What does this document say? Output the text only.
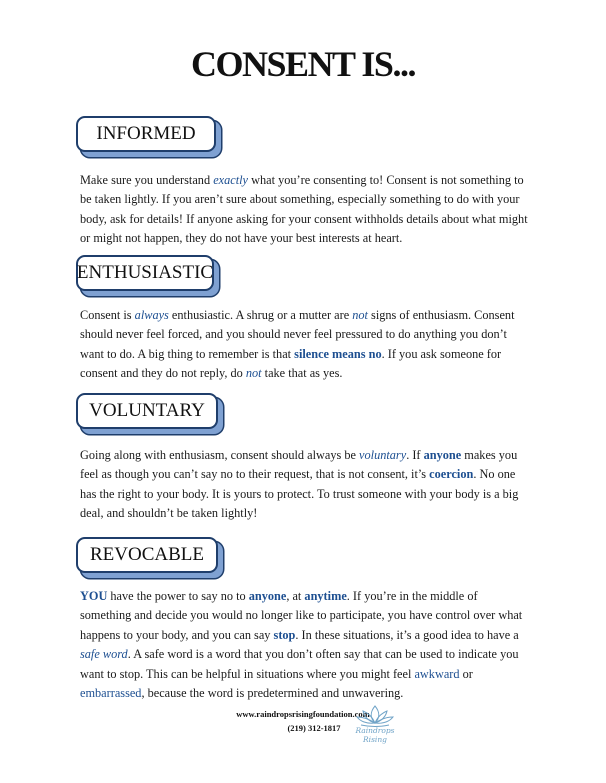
CONSENT IS...
INFORMED

Make sure you understand exactly what you’re consenting to! Consent is not something to be taken lightly. If you aren’t sure about something, especially something to do with your body, ask for details! If anyone asking for your consent withholds details about what might or might not happen, they do not have your best interests at heart.

ENTHUSIASTIC

Consent is always enthusiastic. A shrug or a mutter are not signs of enthusiasm. Consent should never feel forced, and you should never feel pressured to do anything you don’t want to do. A big thing to remember is that silence means no. If you ask someone for consent and they do not reply, do not take that as yes.

VOLUNTARY

Going along with enthusiasm, consent should always be voluntary. If anyone makes you feel as though you can’t say no to their request, that is not consent, it’s coercion. No one has the right to your body. It is yours to protect. To trust someone with your body is a big deal, and shouldn’t be taken lightly!

REVOCABLE

YOU have the power to say no to anyone, at anytime. If you’re in the middle of something and decide you would no longer like to participate, you have control over what happens to your body, and you can say stop. In these situations, it’s a good idea to have a safe word. A safe word is a word that you don’t often say that can be used to indicate you want to stop. This can be helpful in situations where you might feel awkward or embarrassed, because the word is predetermined and unwavering.

www.raindropsrisingfoundation.com
(219) 312-1817	Raindrops Rising
